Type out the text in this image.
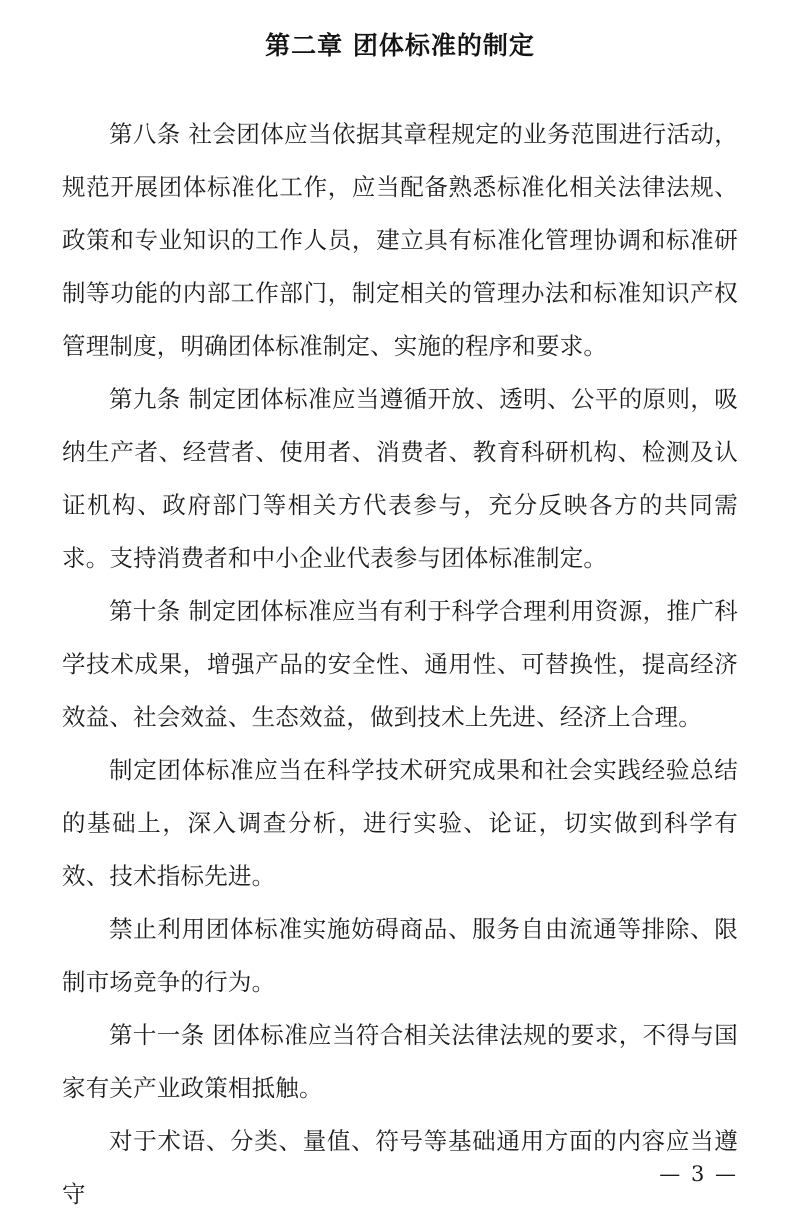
第二章 团体标准的制定

第八条 社会团体应当依据其章程规定的业务范围进行活动，规范开展团体标准化工作，应当配备熟悉标准化相关法律法规、政策和专业知识的工作人员，建立具有标准化管理协调和标准研制等功能的内部工作部门，制定相关的管理办法和标准知识产权管理制度，明确团体标准制定、实施的程序和要求。

第九条 制定团体标准应当遵循开放、透明、公平的原则，吸纳生产者、经营者、使用者、消费者、教育科研机构、检测及认证机构、政府部门等相关方代表参与，充分反映各方的共同需求。支持消费者和中小企业代表参与团体标准制定。

第十条 制定团体标准应当有利于科学合理利用资源，推广科学技术成果，增强产品的安全性、通用性、可替换性，提高经济效益、社会效益、生态效益，做到技术上先进、经济上合理。

制定团体标准应当在科学技术研究成果和社会实践经验总结的基础上，深入调查分析，进行实验、论证，切实做到科学有效、技术指标先进。

禁止利用团体标准实施妨碍商品、服务自由流通等排除、限制市场竞争的行为。

第十一条 团体标准应当符合相关法律法规的要求，不得与国家有关产业政策相抵触。

对于术语、分类、量值、符号等基础通用方面的内容应当遵守

— 3 —
